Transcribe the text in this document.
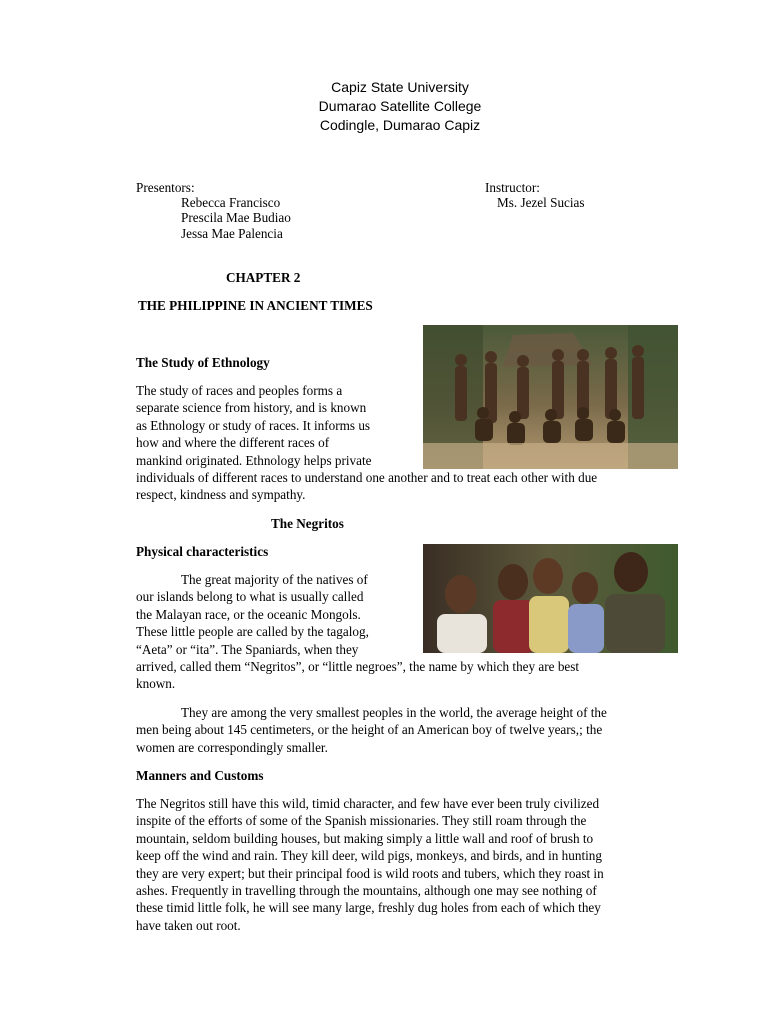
Capiz State University
Dumarao Satellite College
Codingle, Dumarao Capiz
Presentors:
Rebecca Francisco
Prescila Mae Budiao
Jessa Mae Palencia
Instructor:
Ms. Jezel Sucias
CHAPTER 2
THE PHILIPPINE IN ANCIENT TIMES
The Study of Ethnology

The study of races and peoples forms a

separate science from history, and is known

as Ethnology or study of races. It informs us

how and where the different races of

mankind originated. Ethnology helps private

individuals of different races to understand one another and to treat each other with due

respect, kindness and sympathy.

The Negritos
Physical characteristics

The great majority of the natives of

our islands belong to what is usually called

the Malayan race, or the oceanic Mongols.

These little people are called by the tagalog,

“Aeta” or “ita”. The Spaniards, when they

arrived, called them “Negritos”, or “little negroes”, the name by which they are best

known.

They are among the very smallest peoples in the world, the average height of the

men being about 145 centimeters, or the height of an American boy of twelve years,; the

women are correspondingly smaller.

Manners and Customs

The Negritos still have this wild, timid character, and few have ever been truly civilized

inspite of the efforts of some of the Spanish missionaries. They still roam through the

mountain, seldom building houses, but making simply a little wall and roof of brush to

keep off the wind and rain. They kill deer, wild pigs, monkeys, and birds, and in hunting

they are very expert; but their principal food is wild roots and tubers, which they roast in

ashes. Frequently in travelling through the mountains, although one may see nothing of

these timid little folk, he will see many large, freshly dug holes from each of which they

have taken out root.
